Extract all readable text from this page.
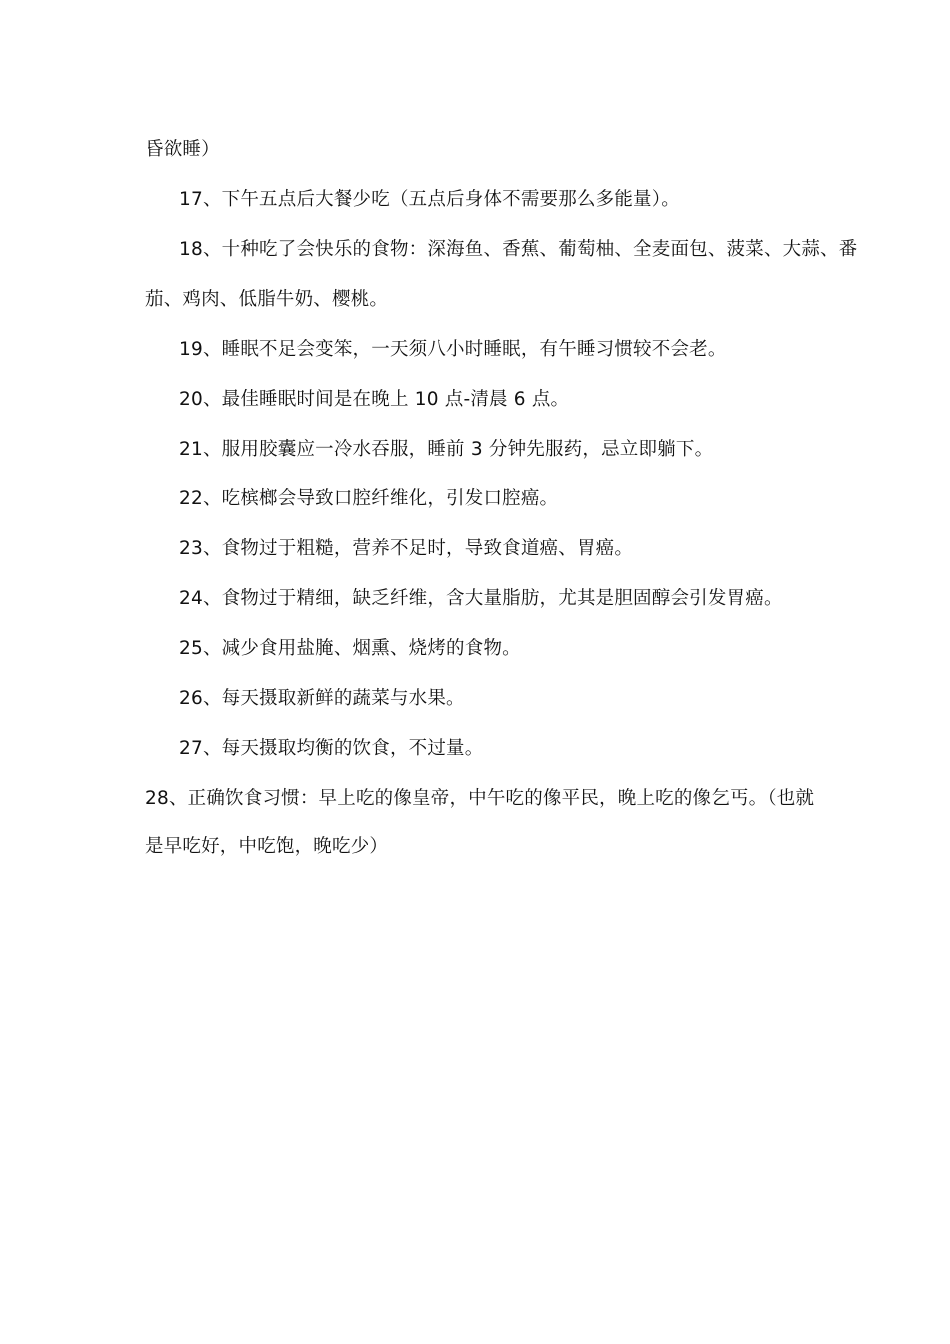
昏欲睡）
17、下午五点后大餐少吃（五点后身体不需要那么多能量）。
18、十种吃了会快乐的食物：深海鱼、香蕉、葡萄柚、全麦面包、菠菜、大蒜、番
茄、鸡肉、低脂牛奶、樱桃。
19、睡眠不足会变笨，一天须八小时睡眠，有午睡习惯较不会老。
20、最佳睡眠时间是在晚上 10 点-清晨 6 点。
21、服用胶囊应一冷水吞服，睡前 3 分钟先服药，忌立即躺下。
22、吃槟榔会导致口腔纤维化，引发口腔癌。
23、食物过于粗糙，营养不足时，导致食道癌、胃癌。
24、食物过于精细，缺乏纤维，含大量脂肪，尤其是胆固醇会引发胃癌。
25、减少食用盐腌、烟熏、烧烤的食物。
26、每天摄取新鲜的蔬菜与水果。
27、每天摄取均衡的饮食，不过量。
28、正确饮食习惯：早上吃的像皇帝，中午吃的像平民，晚上吃的像乞丐。（也就
是早吃好，中吃饱，晚吃少）
